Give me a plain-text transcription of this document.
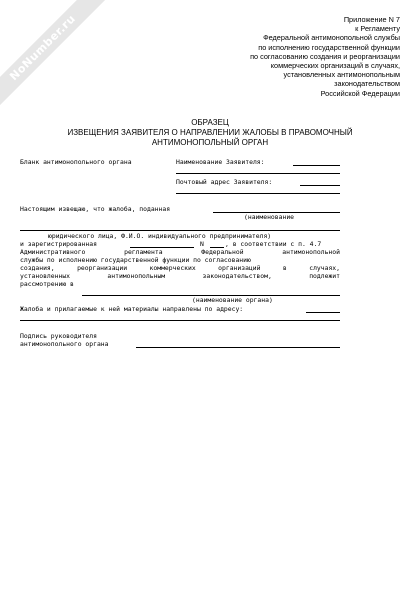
NoNumber.ru	Приложение N 7
к Регламенту
Федеральной антимонопольной службы
по исполнению государственной функции
по согласованию создания и реорганизации
коммерческих организаций в случаях,
установленных антимонопольным
законодательством
Российской Федерации
ОБРАЗЕЦ
ИЗВЕЩЕНИЯ ЗАЯВИТЕЛЯ О НАПРАВЛЕНИИ ЖАЛОБЫ В ПРАВОМОЧНЫЙ
АНТИМОНОПОЛЬНЫЙ ОРГАН
Бланк антимонопольного органа	Наименование Заявителя:
Почтовый адрес Заявителя:
Настоящим извещаю, что жалоба, поданная
(наименование
юридического лица, Ф.И.О. индивидуального предпринимателя)
и зарегистрированная	N	, в соответствии с п. 4.7
Административного	регламента	Федеральной	антимонопольной
службы по исполнению государственной функции по согласованию
создания,	реорганизации	коммерческих	организаций	в	случаях,
установленных	антимонопольным	законодательством,	подлежит
рассмотрению в
(наименование органа)
Жалоба и прилагаемые к ней материалы направлены по адресу:
Подпись руководителя
антимонопольного органа
